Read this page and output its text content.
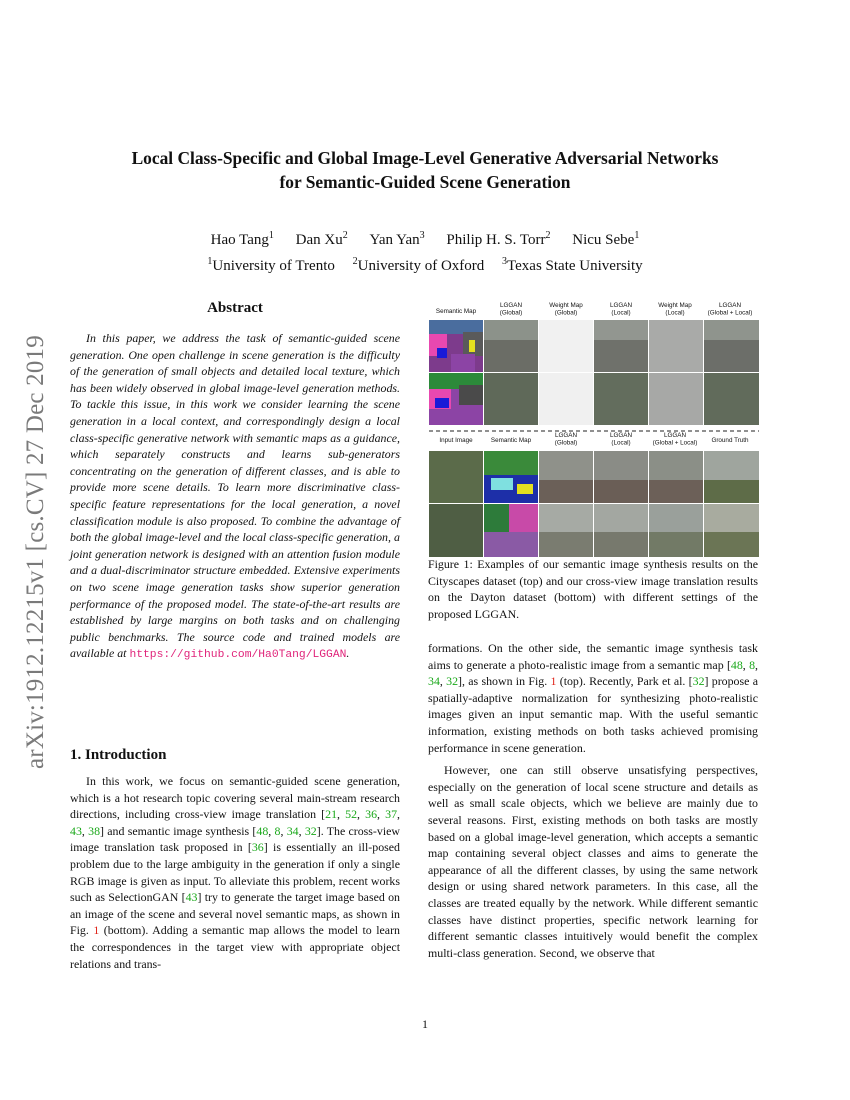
arXiv:1912.12215v1 [cs.CV] 27 Dec 2019
Local Class-Specific and Global Image-Level Generative Adversarial Networks
for Semantic-Guided Scene Generation
Hao Tang$^1$ Dan Xu$^2$ Yan Yan$^3$ Philip H. S. Torr$^2$ Nicu Sebe$^1$
$^1$University of Trento $^2$University of Oxford $^3$Texas State University
Abstract

In this paper, we address the task of semantic-guided scene generation. One open challenge in scene generation is the difficulty of the generation of small objects and detailed local texture, which has been widely observed in global image-level generation methods. To tackle this issue, in this work we consider learning the scene generation in a local context, and correspondingly design a local class-specific generative network with semantic maps as a guidance, which separately constructs and learns sub-generators concentrating on the generation of different classes, and is able to provide more scene details. To learn more discriminative class-specific feature representations for the local generation, a novel classification module is also proposed. To combine the advantage of both the global image-level and the local class-specific generation, a joint generation network is designed with an attention fusion module and a dual-discriminator structure embedded. Extensive experiments on two scene image generation tasks show superior generation performance of the proposed model. The state-of-the-art results are established by large margins on both tasks and on challenging public benchmarks. The source code and trained models are available at https://github.com/Ha0Tang/LGGAN.

1. Introduction

In this work, we focus on semantic-guided scene generation, which is a hot research topic covering several main-stream research directions, including cross-view image translation [21, 52, 36, 37, 43, 38] and semantic image synthesis [48, 8, 34, 32]. The cross-view image translation task proposed in [36] is essentially an ill-posed problem due to the large ambiguity in the generation if only a single RGB image is given as input. To alleviate this problem, recent works such as SelectionGAN [43] try to generate the target image based on an image of the scene and several novel semantic maps, as shown in Fig. 1 (bottom). Adding a semantic map allows the model to learn the correspondences in the target view with appropriate object relations and trans-

Semantic Map
LGGAN (Global)
Weight Map (Global)
LGGAN (Local)
Weight Map (Local)
LGGAN (Global + Local)
Input Image	Semantic Map
LGGAN (Global)
LGGAN (Local)
LGGAN (Global + Local) Ground Truth

Figure 1: Examples of our semantic image synthesis results on the Cityscapes dataset (top) and our cross-view image translation results on the Dayton dataset (bottom) with different settings of the proposed LGGAN.

formations. On the other side, the semantic image synthesis task aims to generate a photo-realistic image from a semantic map [48, 8, 34, 32], as shown in Fig. 1 (top). Recently, Park et al. [32] propose a spatially-adaptive normalization for synthesizing photo-realistic images given an input semantic map. With the useful semantic information, existing methods on both tasks achieved promising performance in scene generation.

However, one can still observe unsatisfying perspectives, especially on the generation of local scene structure and details as well as small scale objects, which we believe are mainly due to several reasons. First, existing methods on both tasks are mostly based on a global image-level generation, which accepts a semantic map containing several object classes and aims to generate the appearance of all the different classes, by using the same network design or using shared network parameters. In this case, all the classes are treated equally by the network. While different semantic classes have distinct properties, specific network learning for different semantic classes intuitively would benefit the complex multi-class generation. Second, we observe that

1
